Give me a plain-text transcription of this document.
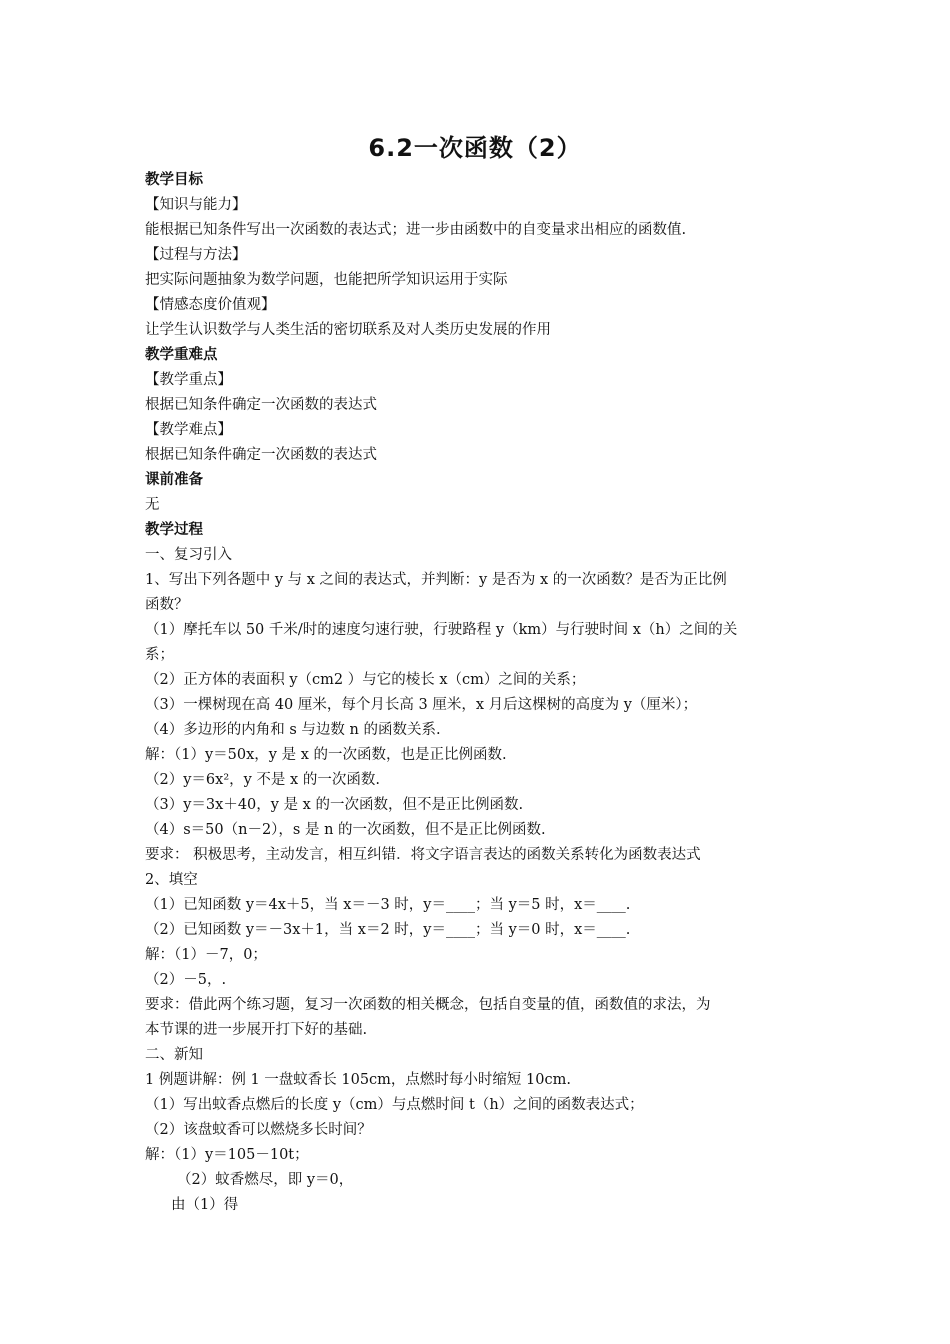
6.2一次函数（2）
教学目标
【知识与能力】
能根据已知条件写出一次函数的表达式；进一步由函数中的自变量求出相应的函数值.
【过程与方法】
把实际问题抽象为数学问题，也能把所学知识运用于实际
【情感态度价值观】
让学生认识数学与人类生活的密切联系及对人类历史发展的作用
教学重难点
【教学重点】
根据已知条件确定一次函数的表达式
【教学难点】
根据已知条件确定一次函数的表达式
课前准备
无
教学过程
一、复习引入
1、写出下列各题中 y 与 x 之间的表达式，并判断：y 是否为 x 的一次函数？是否为正比例
函数？
（1）摩托车以 50 千米/时的速度匀速行驶，行驶路程 y（km）与行驶时间 x（h）之间的关
系；
（2）正方体的表面积 y（cm2 ）与它的棱长 x（cm）之间的关系；
（3）一棵树现在高 40 厘米，每个月长高 3 厘米，x 月后这棵树的高度为 y（厘米）；
（4）多边形的内角和 s 与边数 n 的函数关系.
解：（1）y＝50x，y 是 x 的一次函数，也是正比例函数.
（2）y＝6x²，y 不是 x 的一次函数.
（3）y＝3x＋40，y 是 x 的一次函数，但不是正比例函数.
（4）s＝50（n－2），s 是 n 的一次函数，但不是正比例函数.
要求： 积极思考，主动发言，相互纠错．将文字语言表达的函数关系转化为函数表达式
2、填空
（1）已知函数 y＝4x＋5，当 x＝－3 时，y＝____；当 y＝5 时，x＝____.
（2）已知函数 y＝－3x＋1，当 x＝2 时，y＝____；当 y＝0 时，x＝____.
解：（1）－7，0；
（2）－5，.
要求：借此两个练习题，复习一次函数的相关概念，包括自变量的值，函数值的求法，为
本节课的进一步展开打下好的基础.
二、新知
1 例题讲解：例 1 一盘蚊香长 105cm，点燃时每小时缩短 10cm.
（1）写出蚊香点燃后的长度 y（cm）与点燃时间 t（h）之间的函数表达式；
（2）该盘蚊香可以燃烧多长时间？
解：（1）y＝105－10t；
（2）蚊香燃尽，即 y＝0，
由（1）得
